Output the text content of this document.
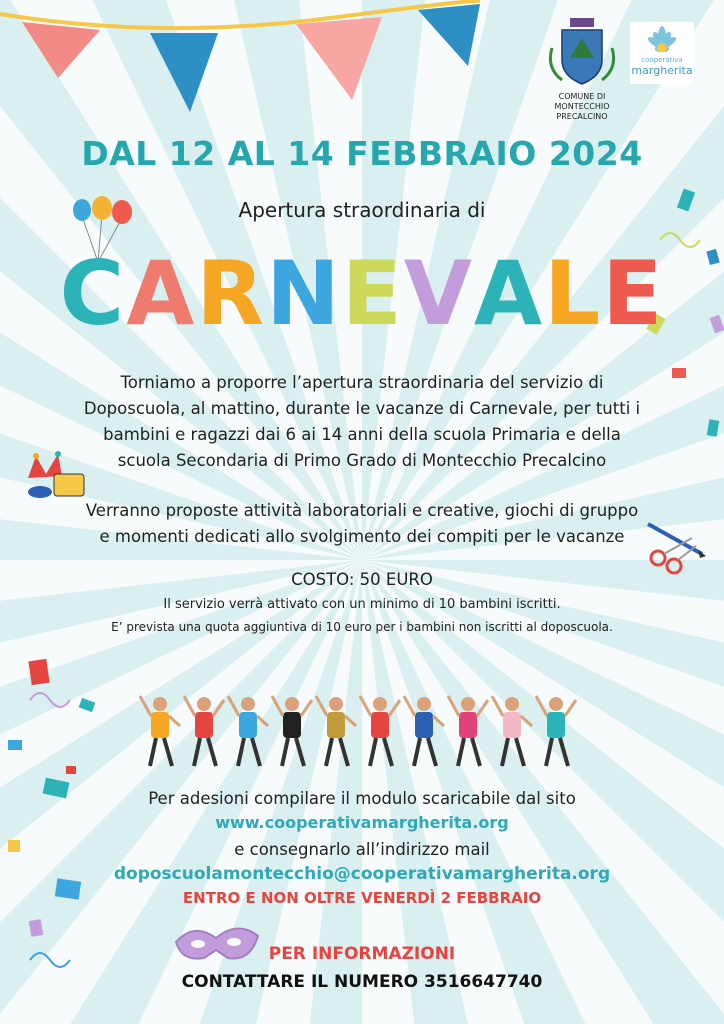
COMUNE DI MONTECCHIO PRECALCINO
cooperativa
margherita
DAL 12 AL 14 FEBBRAIO 2024
Apertura straordinaria di
CARNEVALE
Torniamo a proporre l’apertura straordinaria del servizio di
Doposcuola, al mattino, durante le vacanze di Carnevale, per tutti i
bambini e ragazzi dai 6 ai 14 anni della scuola Primaria e della
scuola Secondaria di Primo Grado di Montecchio Precalcino
Verranno proposte attività laboratoriali e creative, giochi di gruppo
e momenti dedicati allo svolgimento dei compiti per le vacanze
COSTO: 50 EURO
Il servizio verrà attivato con un minimo di 10 bambini iscritti.
E’ prevista una quota aggiuntiva di 10 euro per i bambini non iscritti al doposcuola.
Per adesioni compilare il modulo scaricabile dal sito
www.cooperativamargherita.org
e consegnarlo all’indirizzo mail
doposcuolamontecchio@cooperativamargherita.org
ENTRO E NON OLTRE VENERDÌ 2 FEBBRAIO
PER INFORMAZIONI
CONTATTARE IL NUMERO 3516647740
